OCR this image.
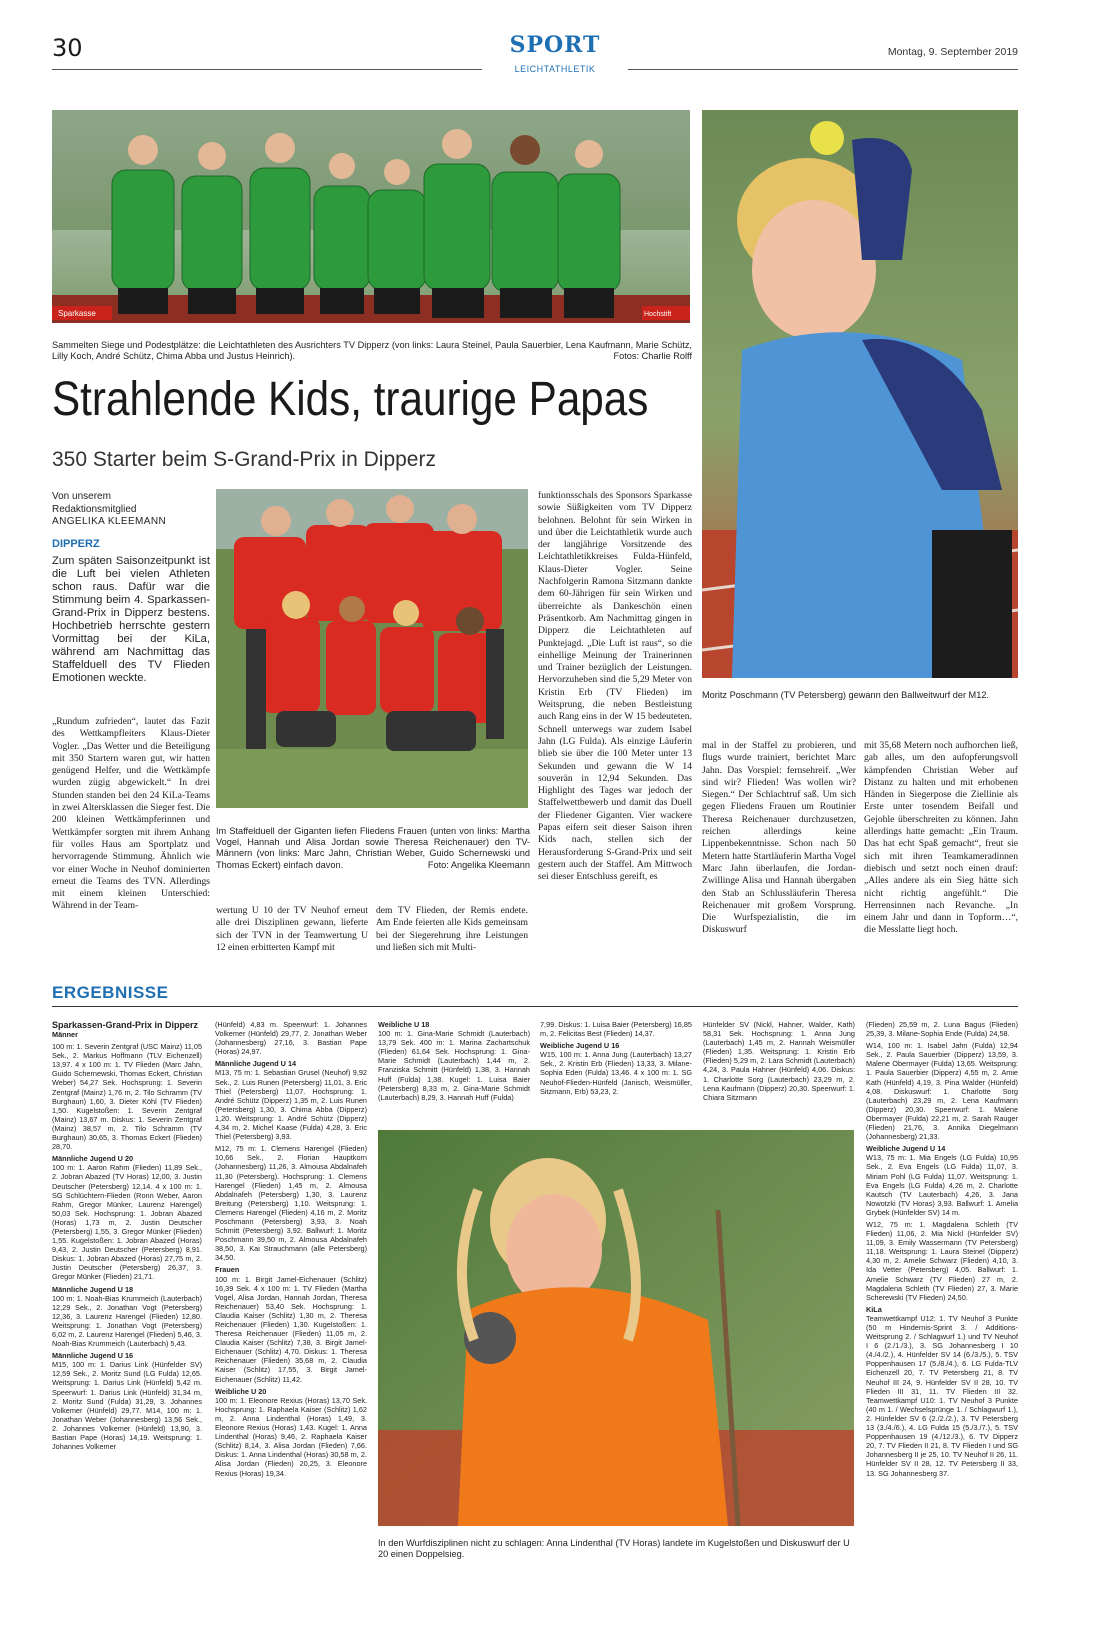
30	SPORT
LEICHTATHLETIK
Montag, 9. September 2019
Sparkasse	Hochstift
Sammelten Siege und Podestplätze: die Leichtathleten des Ausrichters TV Dipperz (von links: Laura Steinel, Paula Sauerbier, Lena Kaufmann, Marie Schütz, Lilly Koch, André Schütz, Chima Abba und Justus Heinrich).	Fotos: Charlie Rolff
Moritz Poschmann (TV Petersberg) gewann den Ballweitwurf der M12.
Strahlende Kids, traurige Papas
350 Starter beim S-Grand-Prix in Dipperz
Von unserem
Redaktionsmitglied
ANGELIKA KLEEMANN
DIPPERZ
Zum späten Saisonzeitpunkt ist die Luft bei vielen Athleten schon raus. Dafür war die Stimmung beim 4. Sparkassen-Grand-Prix in Dipperz bestens. Hochbetrieb herrschte gestern Vormittag bei der KiLa, während am Nachmittag das Staffelduell des TV Flieden Emotionen weckte.
„Rundum zufrieden“, lautet das Fazit des Wettkampfleiters Klaus-Dieter Vogler. „Das Wetter und die Beteiligung mit 350 Startern waren gut, wir hatten genügend Helfer, und die Wettkämpfe wurden zügig abgewickelt.“ In drei Stunden standen bei den 24 KiLa-Teams in zwei Altersklassen die Sieger fest. Die 200 kleinen Wettkämpferinnen und Wettkämpfer sorgten mit ihrem Anhang für volles Haus am Sportplatz und hervorragende Stimmung. Ähnlich wie vor einer Woche in Neuhof dominierten erneut die Teams des TVN. Allerdings mit einem kleinen Unterschied: Während in der Team-
Im Staffelduell der Giganten liefen Fliedens Frauen (unten von links: Martha Vogel, Hannah und Alisa Jordan sowie Theresa Reichenauer) den TV-Männern (von links: Marc Jahn, Christian Weber, Guido Schernewski und Thomas Eckert) einfach davon.	Foto: Angelika Kleemann
wertung U 10 der TV Neuhof erneut alle drei Disziplinen gewann, lieferte sich der TVN in der Teamwertung U 12 einen erbitterten Kampf mit
dem TV Flieden, der Remis endete. Am Ende feierten alle Kids gemeinsam bei der Siegerehrung ihre Leistungen und ließen sich mit Multi-
funktionsschals des Sponsors Sparkasse sowie Süßigkeiten vom TV Dipperz belohnen. Belohnt für sein Wirken in und über die Leichtathletik wurde auch der langjährige Vorsitzende des Leichtathletikkreises Fulda-Hünfeld, Klaus-Dieter Vogler. Seine Nachfolgerin Ramona Sitzmann dankte dem 60-Jährigen für sein Wirken und überreichte als Dankeschön einen Präsentkorb. Am Nachmittag gingen in Dipperz die Leichtathleten auf Punktejagd. „Die Luft ist raus“, so die einhellige Meinung der Trainerinnen und Trainer bezüglich der Leistungen. Hervorzuheben sind die 5,29 Meter von Kristin Erb (TV Flieden) im Weitsprung, die neben Bestleistung auch Rang eins in der W 15 bedeuteten. Schnell unterwegs war zudem Isabel Jahn (LG Fulda). Als einzige Läuferin blieb sie über die 100 Meter unter 13 Sekunden und gewann die W 14 souverän in 12,94 Sekunden. Das Highlight des Tages war jedoch der Staffelwettbewerb und damit das Duell der Fliedener Giganten. Vier wackere Papas eifern seit dieser Saison ihren Kids nach, stellen sich der Herausforderung S-Grand-Prix und seit gestern auch der Staffel. Am Mittwoch sei dieser Entschluss gereift, es
mal in der Staffel zu probieren, und flugs wurde trainiert, berichtet Marc Jahn. Das Vorspiel: fernsehreif. „Wer sind wir? Flieden! Was wollen wir? Siegen.“ Der Schlachtruf saß. Um sich gegen Fliedens Frauen um Routinier Theresa Reichenauer durchzusetzen, reichen allerdings keine Lippenbekenntnisse. Schon nach 50 Metern hatte Startläuferin Martha Vogel Marc Jahn überlaufen, die Jordan-Zwillinge Alisa und Hannah übergaben den Stab an Schlussläuferin Theresa Reichenauer mit großem Vorsprung. Die Wurfspezialistin, die im Diskuswurf
mit 35,68 Metern noch aufhorchen ließ, gab alles, um den aufopferungsvoll kämpfenden Christian Weber auf Distanz zu halten und mit erhobenen Händen in Siegerpose die Ziellinie als Erste unter tosendem Beifall und Gejohle überschreiten zu können. Jahn allerdings hatte gemacht: „Ein Traum. Das hat echt Spaß gemacht“, freut sie sich mit ihren Teamkameradinnen diebisch und setzt noch einen drauf: „Alles andere als ein Sieg hätte sich nicht richtig angefühlt.“ Die Herrensinnen nach Revanche. „In einem Jahr und dann in Topform…“, die Messlatte liegt hoch.
ERGEBNISSE

Sparkassen-Grand-Prix in Dipperz
Männer

100 m: 1. Severin Zentgraf (USC Mainz) 11,05 Sek., 2. Markus Hoffmann (TLV Eichenzell) 13,97. 4 x 100 m: 1. TV Flieden (Marc Jahn, Guido Schernewski, Thomas Eckert, Christian Weber) 54,27 Sek. Hochsprung: 1. Severin Zentgraf (Mainz) 1,76 m, 2. Tilo Schramm (TV Burghaun) 1,60, 3. Dieter Köhl (TV Flieden) 1,50. Kugelstoßen: 1. Severin Zentgraf (Mainz) 13,67 m. Diskus: 1. Severin Zentgraf (Mainz) 38,57 m, 2. Tilo Schramm (TV Burghaun) 30,65, 3. Thomas Eckert (Flieden) 28,70.

Männliche Jugend U 20
100 m: 1. Aaron Rahm (Flieden) 11,89 Sek., 2. Jobran Abazed (TV Horas) 12,00, 3. Justin Deutscher (Petersberg) 12,14. 4 x 100 m: 1. SG Schlüchtern-Flieden (Ronn Weber, Aaron Rahm, Gregor Münker, Laurenz Harengel) 50,03 Sek. Hochsprung: 1. Jobran Abazed (Horas) 1,73 m, 2. Justin Deutscher (Petersberg) 1,55, 3. Gregor Münker (Flieden) 1,55. Kugelstoßen: 1. Jobran Abazed (Horas) 9,43, 2. Justin Deutscher (Petersberg) 8,91. Diskus: 1. Jobran Abazed (Horas) 27,75 m, 2. Justin Deutscher (Petersberg) 26,37, 3. Gregor Münker (Flieden) 21,71.

Männliche Jugend U 18
100 m: 1. Noah-Bias Krummeich (Lauterbach) 12,29 Sek., 2. Jonathan Vogt (Petersberg) 12,36, 3. Laurenz Harengel (Flieden) 12,80. Weitsprung: 1. Jonathan Vogt (Petersberg) 6,02 m, 2. Laurenz Harengel (Flieden) 5,46, 3. Noah-Bias Krummeich (Lauterbach) 5,43.

Männliche Jugend U 16
M15, 100 m: 1. Darius Link (Hünfelder SV) 12,59 Sek., 2. Moritz Sund (LG Fulda) 12,65. Weitsprung: 1. Darius Link (Hünfeld) 5,42 m. Speerwurf: 1. Darius Link (Hünfeld) 31,34 m, 2. Moritz Sund (Fulda) 31,29, 3. Johannes Volkemer (Hünfeld) 29,77. M14, 100 m: 1. Jonathan Weber (Johannesberg) 13,56 Sek., 2. Johannes Volkemer (Hünfeld) 13,90, 3. Bastian Pape (Horas) 14,19. Weitsprung: 1. Johannes Volkemer

(Hünfeld) 4,83 m. Speerwurf: 1. Johannes Volkemer (Hünfeld) 29,77, 2. Jonathan Weber (Johannesberg) 27,16, 3. Bastian Pape (Horas) 24,97.

Männliche Jugend U 14
M13, 75 m: 1. Sebastian Grusel (Neuhof) 9,92 Sek., 2. Luis Runen (Petersberg) 11,01, 3. Eric Thiel (Petersberg) 11,07. Hochsprung: 1. André Schütz (Dipperz) 1,35 m, 2. Luis Runen (Petersberg) 1,30, 3. Chima Abba (Dipperz) 1,20. Weitsprung: 1. André Schütz (Dipperz) 4,34 m, 2. Michel Kaase (Fulda) 4,28, 3. Eric Thiel (Petersberg) 3,93.

M12, 75 m: 1. Clemens Harengel (Flieden) 10,66 Sek., 2. Florian Hauptkorn (Johannesberg) 11,26, 3. Almousa Abdalnafeh 11,30 (Petersberg). Hochsprung: 1. Clemens Harengel (Flieden) 1,45 m, 2. Almousa Abdalnafeh (Petersberg) 1,30, 3. Laurenz Breitung (Petersberg) 1,10. Weitsprung: 1. Clemens Harengel (Flieden) 4,16 m, 2. Moritz Poschmann (Petersberg) 3,93, 3. Noah Schmitt (Petersberg) 3,92. Ballwurf: 1. Moritz Poschmann 39,50 m, 2. Almousa Abdalnafeh 38,50, 3. Kai Strauchmann (alle Petersberg) 34,50.

Frauen
100 m: 1. Birgit Jamel-Eichenauer (Schlitz) 16,39 Sek. 4 x 100 m: 1. TV Flieden (Martha Vogel, Alisa Jordan, Hannah Jordan, Theresa Reichenauer) 53,40 Sek. Hochsprung: 1. Claudia Kaiser (Schlitz) 1,30 m, 2. Theresa Reichenauer (Flieden) 1,30. Kugelstoßen: 1. Theresa Reichenauer (Flieden) 11,05 m, 2. Claudia Kaiser (Schlitz) 7,38, 3. Birgit Jamel-Eichenauer (Schlitz) 4,70. Diskus: 1. Theresa Reichenauer (Flieden) 35,68 m, 2. Claudia Kaiser (Schlitz) 17,55, 3. Birgit Jamel-Eichenauer (Schlitz) 11,42.

Weibliche U 20
100 m: 1. Eleonore Rexius (Horas) 13,70 Sek. Hochsprung: 1. Raphaela Kaiser (Schlitz) 1,62 m, 2. Anna Lindenthal (Horas) 1,49, 3. Eleonore Rexius (Horas) 1,43. Kugel: 1. Anna Lindenthal (Horas) 9,46, 2. Raphaela Kaiser (Schlitz) 8,14, 3. Alisa Jordan (Flieden) 7,66. Diskus: 1. Anna Lindenthal (Horas) 30,58 m, 2. Alisa Jordan (Flieden) 20,25, 3. Eleonore Rexius (Horas) 19,34.

Weibliche U 18
100 m: 1. Gina-Marie Schmidt (Lauterbach) 13,79 Sek. 400 m: 1. Marina Zachartschuk (Flieden) 61,64 Sek. Hochsprung: 1. Gina-Marie Schmidt (Lauterbach) 1,44 m, 2. Franziska Schmitt (Hünfeld) 1,38, 3. Hannah Huff (Fulda) 1,38. Kugel: 1. Luisa Baier (Petersberg) 8,33 m, 2. Gina-Marie Schmidt (Lauterbach) 8,29, 3. Hannah Huff (Fulda)

7,99. Diskus: 1. Luisa Baier (Petersberg) 16,85 m, 2. Felicitas Best (Flieden) 14,37.

Weibliche Jugend U 16
W15, 100 m: 1. Anna Jung (Lauterbach) 13,27 Sek., 2. Kristin Erb (Flieden) 13,33, 3. Milane-Sophia Eden (Fulda) 13,46. 4 x 100 m: 1. SG Neuhof-Flieden-Hünfeld (Janisch, Weismüller, Sitzmann, Erb) 53,23, 2.

Hünfelder SV (Nickl, Hahner, Walder, Kath) 58,31 Sek. Hochsprung: 1. Anna Jung (Lauterbach) 1,45 m, 2. Hannah Weismüller (Flieden) 1,35. Weitsprung: 1. Kristin Erb (Flieden) 5,29 m, 2. Lara Schmidt (Lauterbach) 4,24, 3. Paula Hahner (Hünfeld) 4,06. Diskus: 1. Charlotte Sorg (Lauterbach) 23,29 m, 2. Lena Kaufmann (Dipperz) 20,30. Speerwurf: 1. Chiara Sitzmann

(Flieden) 25,59 m, 2. Luna Bagus (Flieden) 25,39, 3. Milane-Sophia Ende (Fulda) 24,58.

W14, 100 m: 1. Isabel Jahn (Fulda) 12,94 Sek., 2. Paula Sauerbier (Dipperz) 13,59, 3. Malene Obermayer (Fulda) 13,65. Weitsprung: 1. Paula Sauerbier (Dipperz) 4,55 m, 2. Amie Kath (Hünfeld) 4,19, 3. Pina Walder (Hünfeld) 4,08. Diskuswurf: 1. Charlotte Sorg (Lauterbach) 23,29 m, 2. Lena Kaufmann (Dipperz) 20,30. Speerwurf: 1. Malene Obermayer (Fulda) 22,21 m, 2. Sarah Rauger (Flieden) 21,76, 3. Annika Diegelmann (Johannesberg) 21,33.

Weibliche Jugend U 14
W13, 75 m: 1. Mia Engels (LG Fulda) 10,95 Sek., 2. Eva Engels (LG Fulda) 11,07, 3. Miriam Pohl (LG Fulda) 11,07. Weitsprung: 1. Eva Engels (LG Fulda) 4,26 m, 2. Charlotte Kautsch (TV Lauterbach) 4,26, 3. Jana Nowotzki (TV Horas) 3,93. Ballwurf: 1. Amelia Grybek (Hünfelder SV) 14 m.

W12, 75 m: 1. Magdalena Schleth (TV Flieden) 11,06, 2. Mia Nickl (Hünfelder SV) 11,09, 3. Emily Wassermann (TV Petersberg) 11,18. Weitsprung: 1. Laura Steinel (Dipperz) 4,30 m, 2. Amelie Schwarz (Flieden) 4,10, 3. Ida Vetter (Petersberg) 4,05. Ballwurf: 1. Amelie Schwarz (TV Flieden) 27 m, 2. Magdalena Schleth (TV Flieden) 27, 3. Marie Scherewski (TV Flieden) 24,50.

KiLa
Teamwettkampf U12: 1. TV Neuhof 3 Punkte (50 m Hindernis-Sprint 3. / Additions-Weitsprung 2. / Schlagwurf 1.) und TV Neuhof I 6 (2./1./3.), 3. SG Johannesberg I 10 (4./4./2.), 4. Hünfelder SV 14 (6./3./5.), 5. TSV Poppenhausen 17 (5./8./4.), 6. LG Fulda-TLV Eichenzell 20, 7. TV Petersberg 21, 8. TV Neuhof III 24, 9. Hünfelder SV II 28, 10. TV Flieden III 31, 11. TV Flieden III 32. Teamwettkampf U10: 1. TV Neuhof 3 Punkte (40 m 1. / Wechselsprünge 1. / Schlagwurf 1.), 2. Hünfelder SV 6 (2./2./2.), 3. TV Petersberg 13 (3./4./6.), 4. LG Fulda 15 (5./3./7.), 5. TSV Poppenhausen 19 (4./12./3.), 6. TV Dipperz 20, 7. TV Flieden II 21, 8. TV Flieden I und SG Johannesberg II je 25, 10. TV Neuhof II 26, 11. Hünfelder SV II 28, 12. TV Petersberg II 33, 13. SG Johannesberg 37.

In den Wurfdisziplinen nicht zu schlagen: Anna Lindenthal (TV Horas) landete im Kugelstoßen und Diskuswurf der U 20 einen Doppelsieg.
